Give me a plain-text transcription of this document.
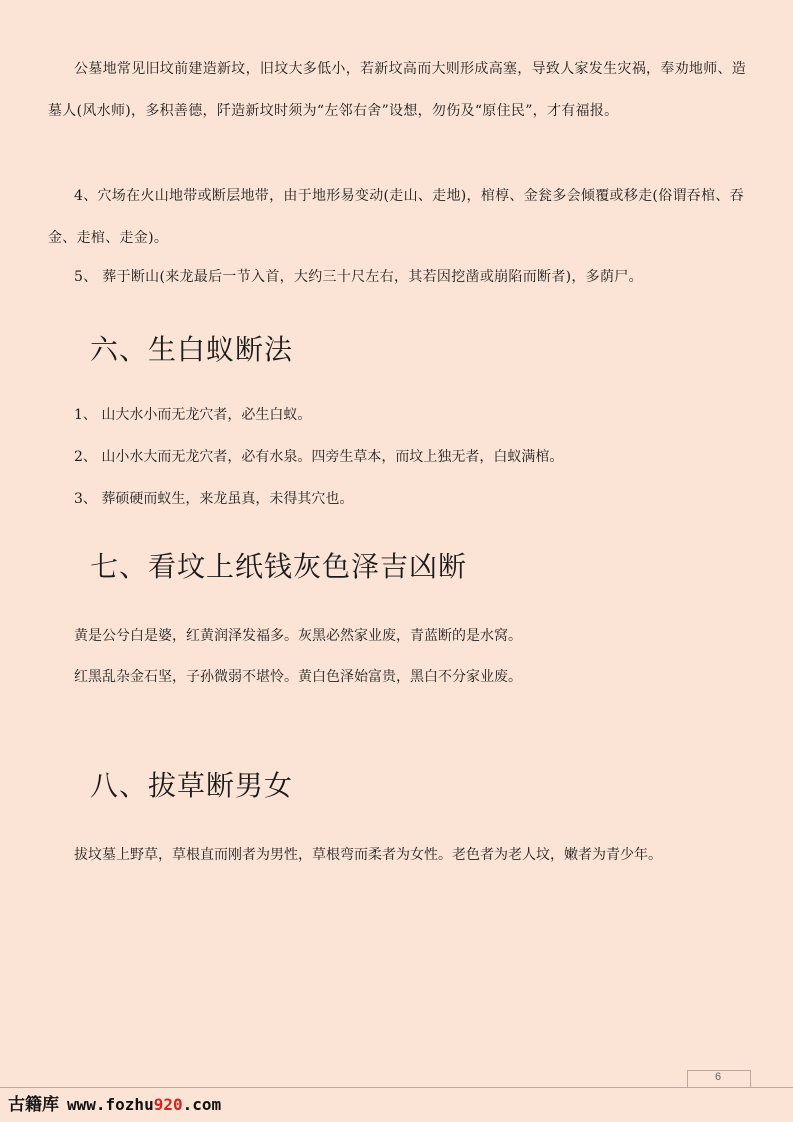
公墓地常见旧坟前建造新坟，旧坟大多低小，若新坟高而大则形成高塞，导致人家发生灾祸，奉劝地师、造墓人(风水师)，多积善德，阡造新坟时须为“左邻右舍”设想，勿伤及“原住民”，才有福报。

4、穴场在火山地带或断层地带，由于地形易变动(走山、走地)，棺椁、金瓮多会倾覆或移走(俗谓吞棺、吞金、走棺、走金)。

5、 葬于断山(来龙最后一节入首，大约三十尺左右，其若因挖凿或崩陷而断者)，多荫尸。

六、生白蚁断法

1、 山大水小而无龙穴者，必生白蚁。

2、 山小水大而无龙穴者，必有水泉。四旁生草本，而坟上独无者，白蚁满棺。

3、 葬硕硬而蚁生，来龙虽真，未得其穴也。

七、看坟上纸钱灰色泽吉凶断

黄是公兮白是婆，红黄润泽发福多。灰黑必然家业废，青蓝断的是水窝。

红黑乱杂金石坚，子孙微弱不堪怜。黄白色泽始富贵，黑白不分家业废。

八、拔草断男女

拔坟墓上野草，草根直而刚者为男性，草根弯而柔者为女性。老色者为老人坟，嫩者为青少年。

6
古籍库 www.fozhu920.com
